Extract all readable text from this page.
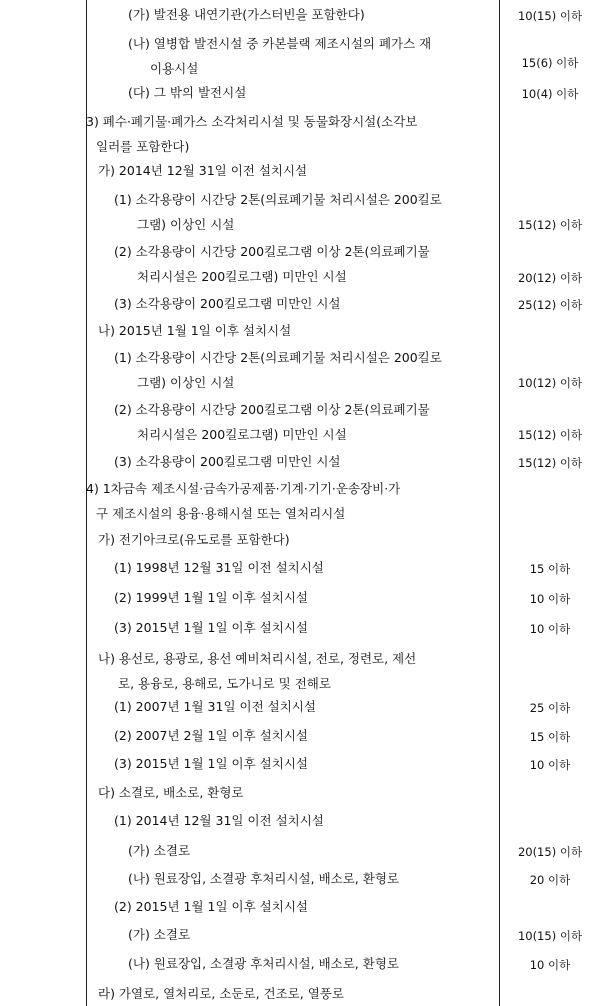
(가) 발전용 내연기관(가스터빈을 포함한다)	10(15) 이하
(나) 열병합 발전시설 중 카본블랙 제조시설의 폐가스 재
이용시설	15(6) 이하
(다) 그 밖의 발전시설	10(4) 이하
3) 폐수·폐기물·폐가스 소각처리시설 및 동물화장시설(소각보
일러를 포함한다)
가) 2014년 12월 31일 이전 설치시설
(1) 소각용량이 시간당 2톤(의료폐기물 처리시설은 200킬로
그램) 이상인 시설	15(12) 이하
(2) 소각용량이 시간당 200킬로그램 이상 2톤(의료폐기물
처리시설은 200킬로그램) 미만인 시설	20(12) 이하
(3) 소각용량이 200킬로그램 미만인 시설	25(12) 이하
나) 2015년 1월 1일 이후 설치시설
(1) 소각용량이 시간당 2톤(의료폐기물 처리시설은 200킬로
그램) 이상인 시설	10(12) 이하
(2) 소각용량이 시간당 200킬로그램 이상 2톤(의료폐기물
처리시설은 200킬로그램) 미만인 시설	15(12) 이하
(3) 소각용량이 200킬로그램 미만인 시설	15(12) 이하
4) 1차금속 제조시설·금속가공제품·기계·기기·운송장비·가
구 제조시설의 용융·용해시설 또는 열처리시설
가) 전기아크로(유도로를 포함한다)
(1) 1998년 12월 31일 이전 설치시설	15 이하
(2) 1999년 1월 1일 이후 설치시설	10 이하
(3) 2015년 1월 1일 이후 설치시설	10 이하
나) 용선로, 용광로, 용선 예비처리시설, 전로, 정련로, 제선
로, 용융로, 용해로, 도가니로 및 전해로
(1) 2007년 1월 31일 이전 설치시설	25 이하
(2) 2007년 2월 1일 이후 설치시설	15 이하
(3) 2015년 1월 1일 이후 설치시설	10 이하
다) 소결로, 배소로, 환형로
(1) 2014년 12월 31일 이전 설치시설
(가) 소결로	20(15) 이하
(나) 원료장입, 소결광 후처리시설, 배소로, 환형로	20 이하
(2) 2015년 1월 1일 이후 설치시설
(가) 소결로	10(15) 이하
(나) 원료장입, 소결광 후처리시설, 배소로, 환형로	10 이하
라) 가열로, 열처리로, 소둔로, 건조로, 열풍로
